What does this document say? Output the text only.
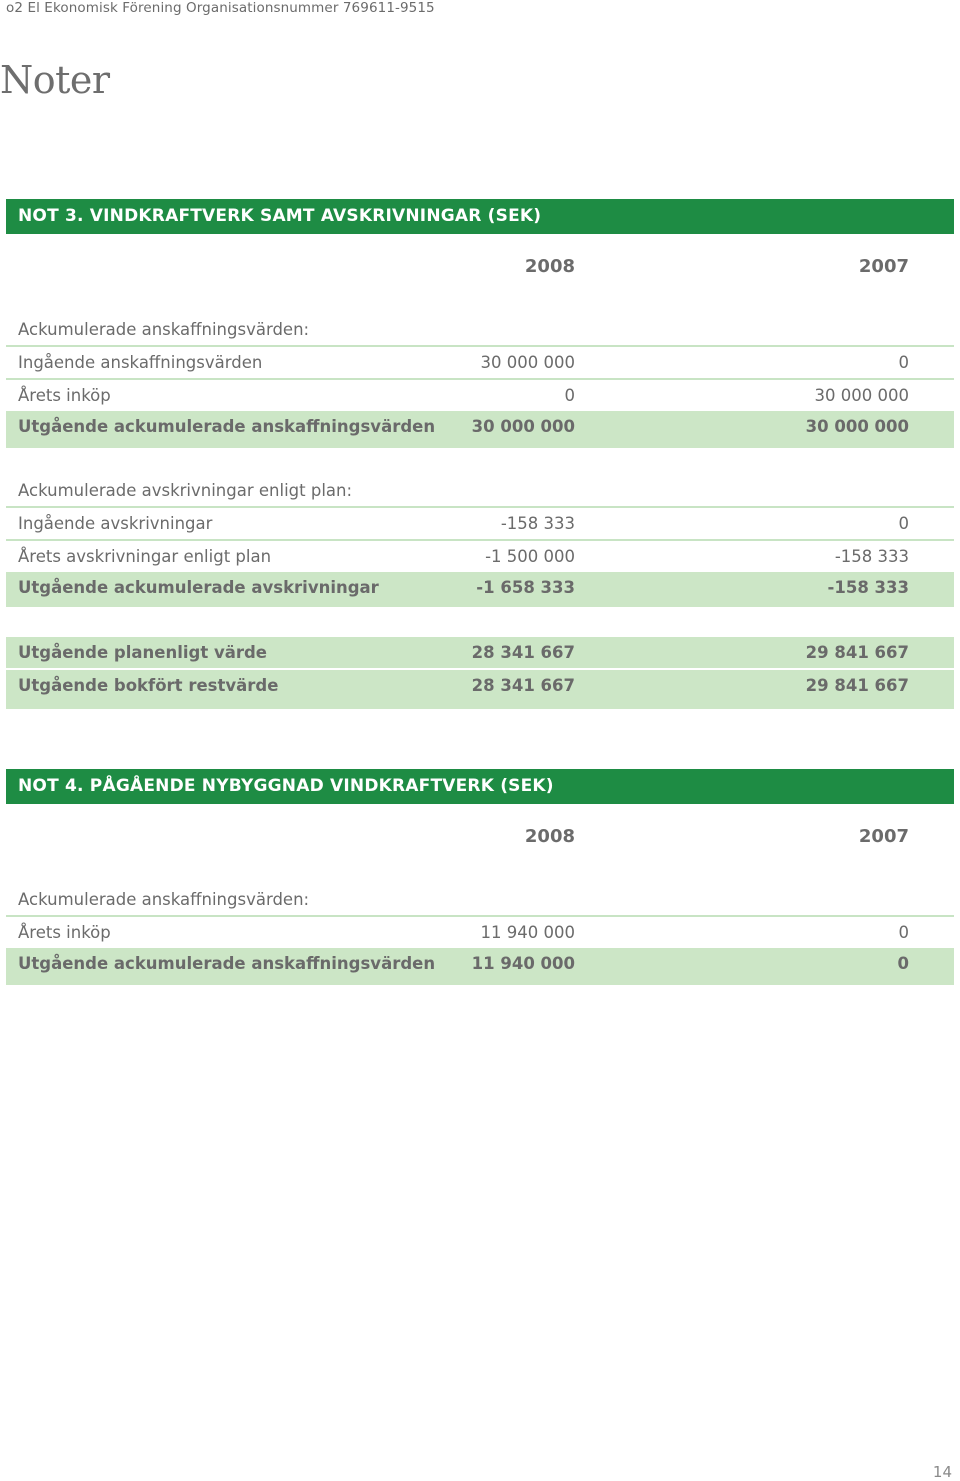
o2 El Ekonomisk Förening Organisationsnummer 769611-9515
Noter
NOT 3. VINDKRAFTVERK SAMT AVSKRIVNINGAR (SEK)
2008	2007
Ackumulerade anskaffningsvärden:
Ingående anskaffningsvärden	30 000 000	0
Årets inköp	0	30 000 000
Utgående ackumulerade anskaffningsvärden 30 000 000	30 000 000
Ackumulerade avskrivningar enligt plan:
Ingående avskrivningar	-158 333	0
Årets avskrivningar enligt plan	-1 500 000	-158 333
Utgående ackumulerade avskrivningar	-1 658 333	-158 333
Utgående planenligt värde	28 341 667	29 841 667
Utgående bokfört restvärde	28 341 667	29 841 667
NOT 4. PÅGÅENDE NYBYGGNAD VINDKRAFTVERK (SEK)
2008	2007
Ackumulerade anskaffningsvärden:
Årets inköp	11 940 000	0
Utgående ackumulerade anskaffningsvärden 11 940 000	0
14
